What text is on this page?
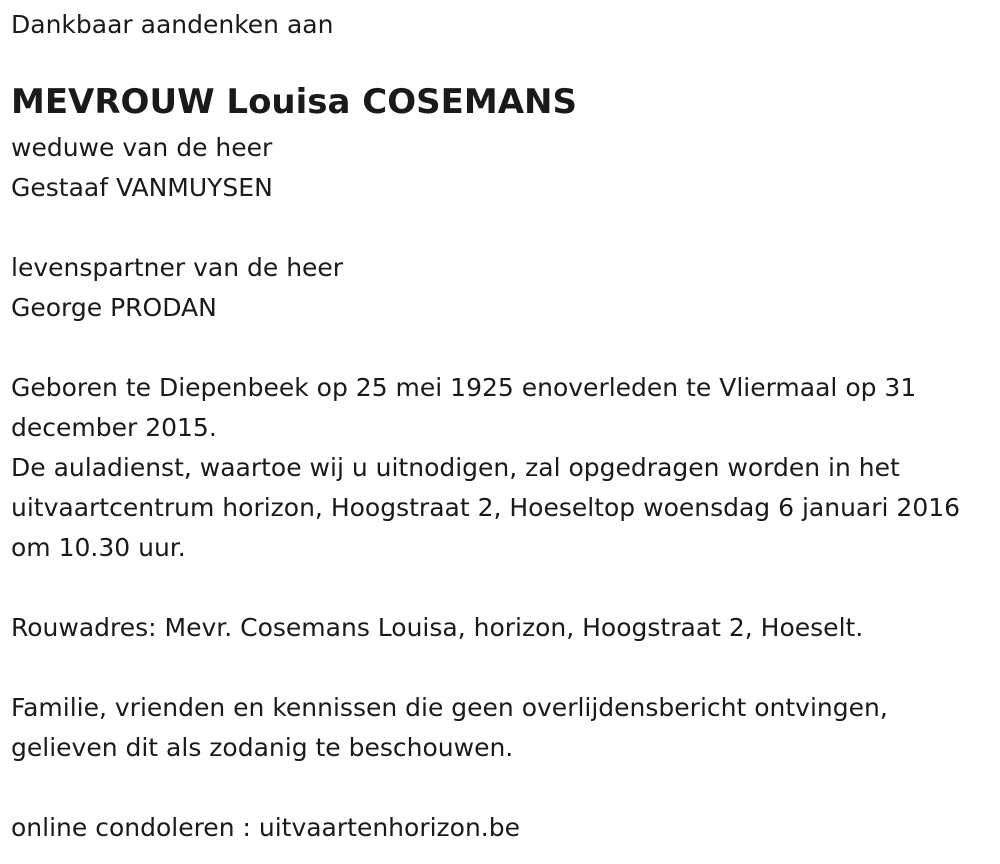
Dankbaar aandenken aan
MEVROUW Louisa COSEMANS
weduwe van de heer
Gestaaf VANMUYSEN
levenspartner van de heer
George PRODAN
Geboren te Diepenbeek op 25 mei 1925 enoverleden te Vliermaal op 31 december 2015.
De auladienst, waartoe wij u uitnodigen, zal opgedragen worden in het uitvaartcentrum horizon, Hoogstraat 2, Hoeseltop woensdag 6 januari 2016 om 10.30 uur.
Rouwadres: Mevr. Cosemans Louisa, horizon, Hoogstraat 2, Hoeselt.
Familie, vrienden en kennissen die geen overlijdensbericht ontvingen, gelieven dit als zodanig te beschouwen.
online condoleren : uitvaartenhorizon.be
